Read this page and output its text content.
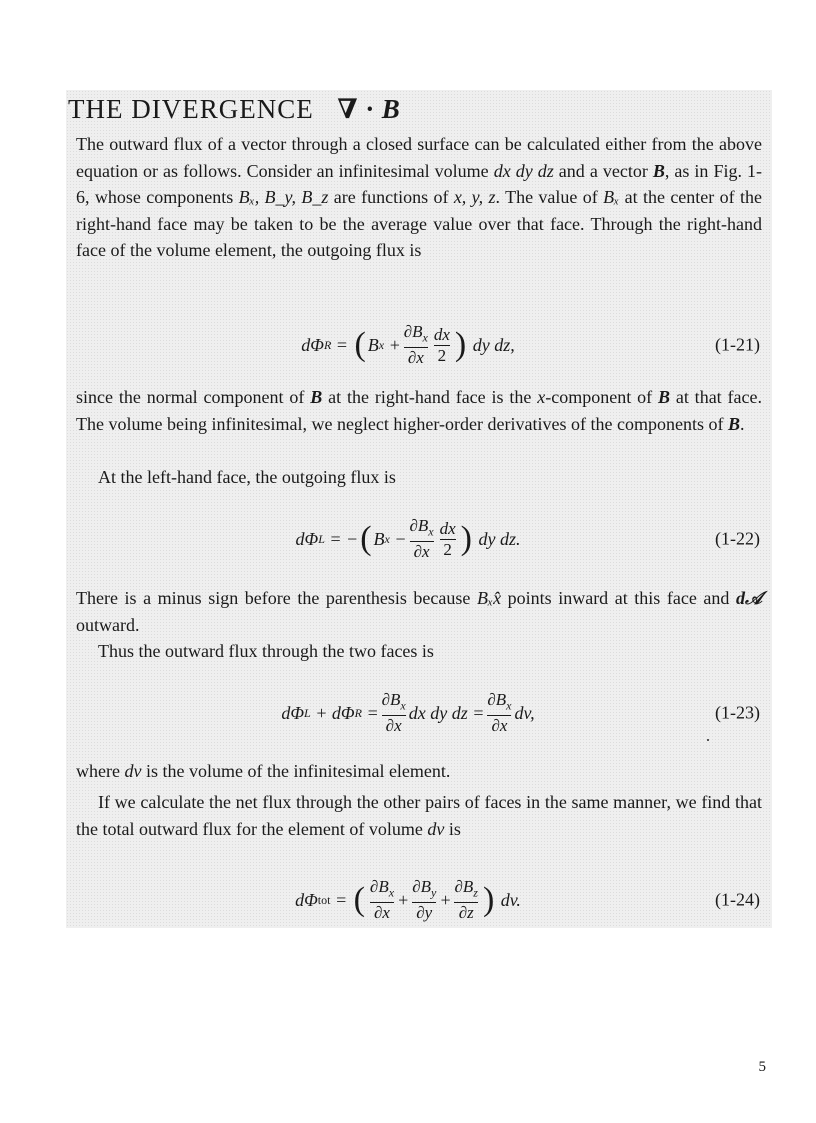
THE DIVERGENCE ∇ · B
The outward flux of a vector through a closed surface can be calculated either from the above equation or as follows. Consider an infinitesimal volume dx dy dz and a vector B, as in Fig. 1-6, whose components Bₓ, B_y, B_z are functions of x, y, z. The value of Bₓ at the center of the right-hand face may be taken to be the average value over that face. Through the right-hand face of the volume element, the outgoing flux is
dΦ R = ( B $x + \frac{\partial B_x}{\partial x} \frac{dx}{2}$ ) dy dz,	(1-21)
since the normal component of B at the right-hand face is the x-component of B at that face. The volume being infinitesimal, we neglect higher-order derivatives of the components of B.
At the left-hand face, the outgoing flux is
dΦ L = − ( B $x - \frac{\partial B_x}{\partial x} \frac{dx}{2}$ ) dy dz.	(1-22)
There is a minus sign before the parenthesis because Bₓx̂ points inward at this face and d𝒜 outward.
Thus the outward flux through the two faces is
dΦ L + dΦ $R = \frac{\partial B_x}{\partial x}$ dx dy dz = $\frac{\partial B_x}{\partial x}$ dv,	(1-23)
where dv is the volume of the infinitesimal element.
If we calculate the net flux through the other pairs of faces in the same manner, we find that the total outward flux for the element of volume dv is
dΦ tot = ( $\frac{\partial B_x}{\partial x} + \frac{\partial B_y}{\partial y} + \frac{\partial B_z}{\partial z}$ ) dv.	(1-24)
5
